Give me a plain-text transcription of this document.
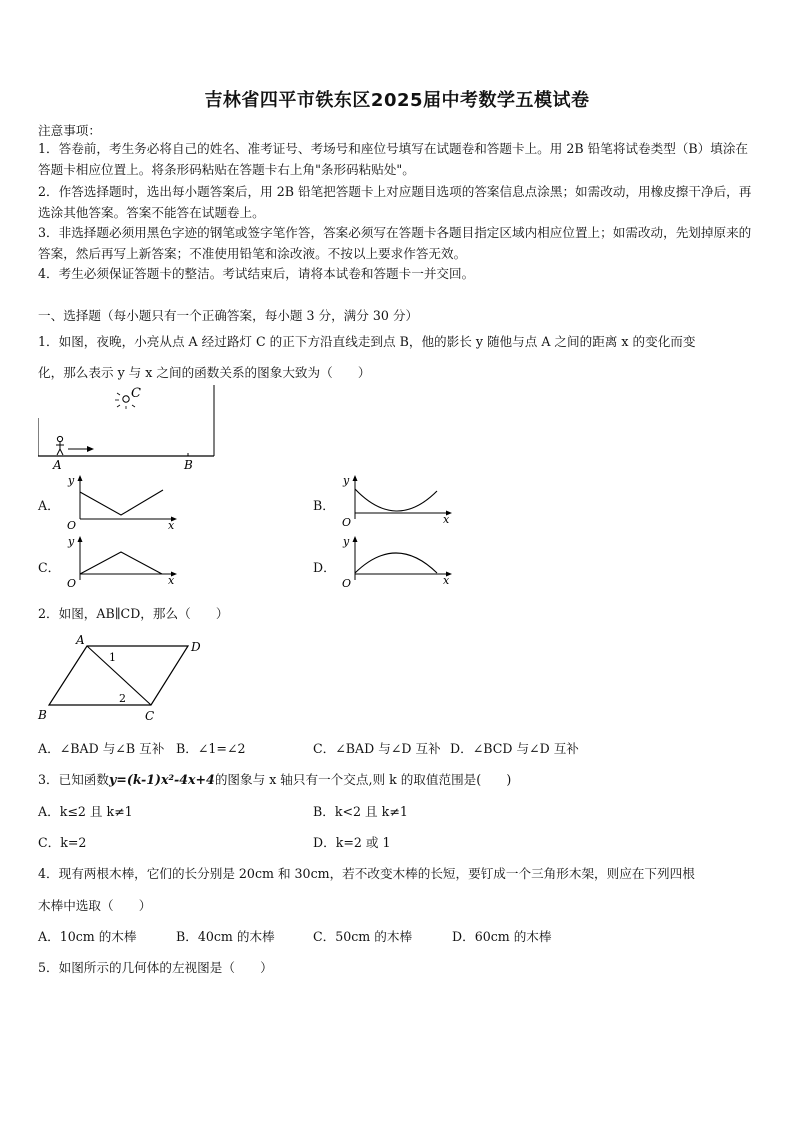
吉林省四平市铁东区2025届中考数学五模试卷
注意事项：
1．答卷前，考生务必将自己的姓名、准考证号、考场号和座位号填写在试题卷和答题卡上。用 2B 铅笔将试卷类型（B）填涂在答题卡相应位置上。将条形码粘贴在答题卡右上角"条形码粘贴处"。
2．作答选择题时，选出每小题答案后，用 2B 铅笔把答题卡上对应题目选项的答案信息点涂黑；如需改动，用橡皮擦干净后，再选涂其他答案。答案不能答在试题卷上。
3．非选择题必须用黑色字迹的钢笔或签字笔作答，答案必须写在答题卡各题目指定区域内相应位置上；如需改动，先划掉原来的答案，然后再写上新答案；不准使用铅笔和涂改液。不按以上要求作答无效。
4．考生必须保证答题卡的整洁。考试结束后，请将本试卷和答题卡一并交回。
一、选择题（每小题只有一个正确答案，每小题 3 分，满分 30 分）
1．如图，夜晚，小亮从点 A 经过路灯 C 的正下方沿直线走到点 B，他的影长 y 随他与点 A 之间的距离 x 的变化而变
化，那么表示 y 与 x 之间的函数关系的图象大致为（　　）
C
A	B
A．
y
x
O
B．
y
x
O
C．
y
x
O
D．
y
x
O
2．如图，AB∥CD，那么（　　）
A	D
B	C
1
2
A．∠BAD 与∠B 互补 B．∠1=∠2	C．∠BAD 与∠D 互补 D．∠BCD 与∠D 互补
3．已知函数y=(k-1)x²-4x+4的图象与 x 轴只有一个交点,则 k 的取值范围是(　　)
A．k≤2 且 k≠1	B．k<2 且 k≠1
C．k=2	D．k=2 或 1
4．现有两根木棒，它们的长分别是 20cm 和 30cm，若不改变木棒的长短，要钉成一个三角形木架，则应在下列四根
木棒中选取（　　）
A．10cm 的木棒	B．40cm 的木棒	C．50cm 的木棒	D．60cm 的木棒
5．如图所示的几何体的左视图是（　　）
